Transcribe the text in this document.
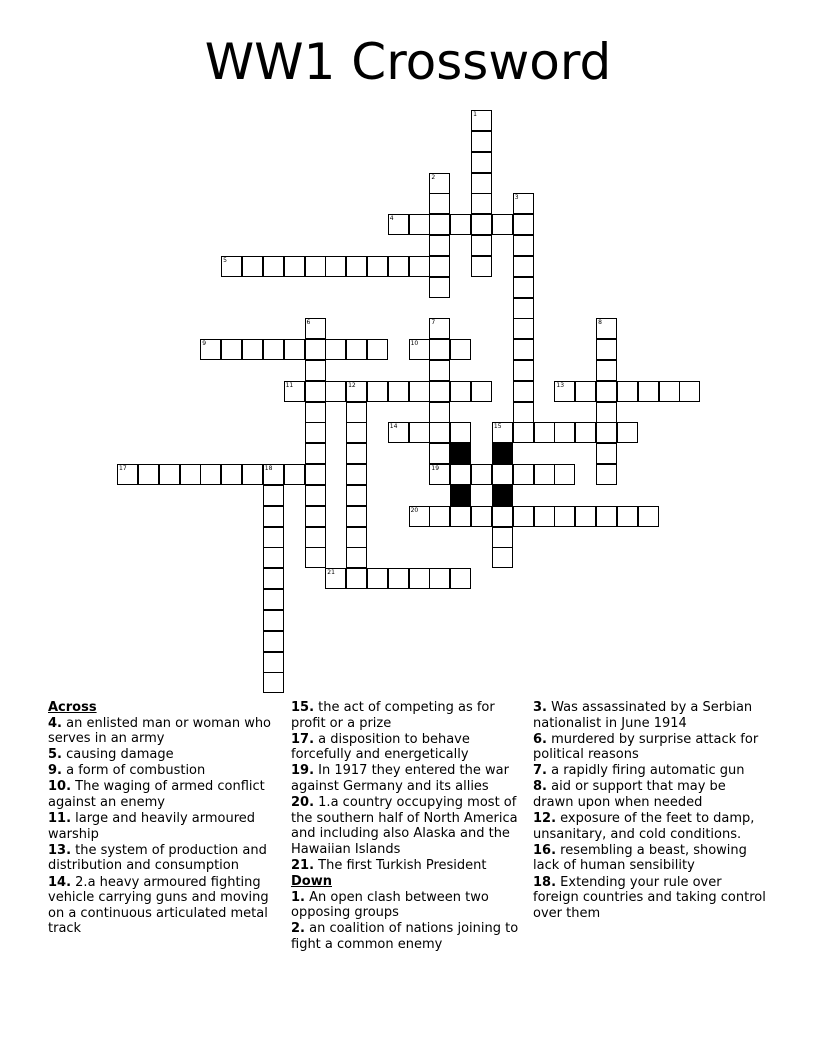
WW1 Crossword
1
2
3
6	7
19
8
12
18
4
5
9	10
11	13
14	15
17
20
21
Across
4. an enlisted man or woman who serves in an army
5. causing damage
9. a form of combustion
10. The waging of armed conflict against an enemy
11. large and heavily armoured warship
13. the system of production and distribution and consumption
14. 2.a heavy armoured fighting vehicle carrying guns and moving on a continuous articulated metal track
15. the act of competing as for profit or a prize
17. a disposition to behave forcefully and energetically
19. In 1917 they entered the war against Germany and its allies
20. 1.a country occupying most of the southern half of North America and including also Alaska and the Hawaiian Islands
21. The first Turkish President
Down
1. An open clash between two opposing groups
2. an coalition of nations joining to fight a common enemy
3. Was assassinated by a Serbian nationalist in June 1914
6. murdered by surprise attack for political reasons
7. a rapidly firing automatic gun
8. aid or support that may be drawn upon when needed
12. exposure of the feet to damp, unsanitary, and cold conditions.
16. resembling a beast, showing lack of human sensibility
18. Extending your rule over foreign countries and taking control over them
